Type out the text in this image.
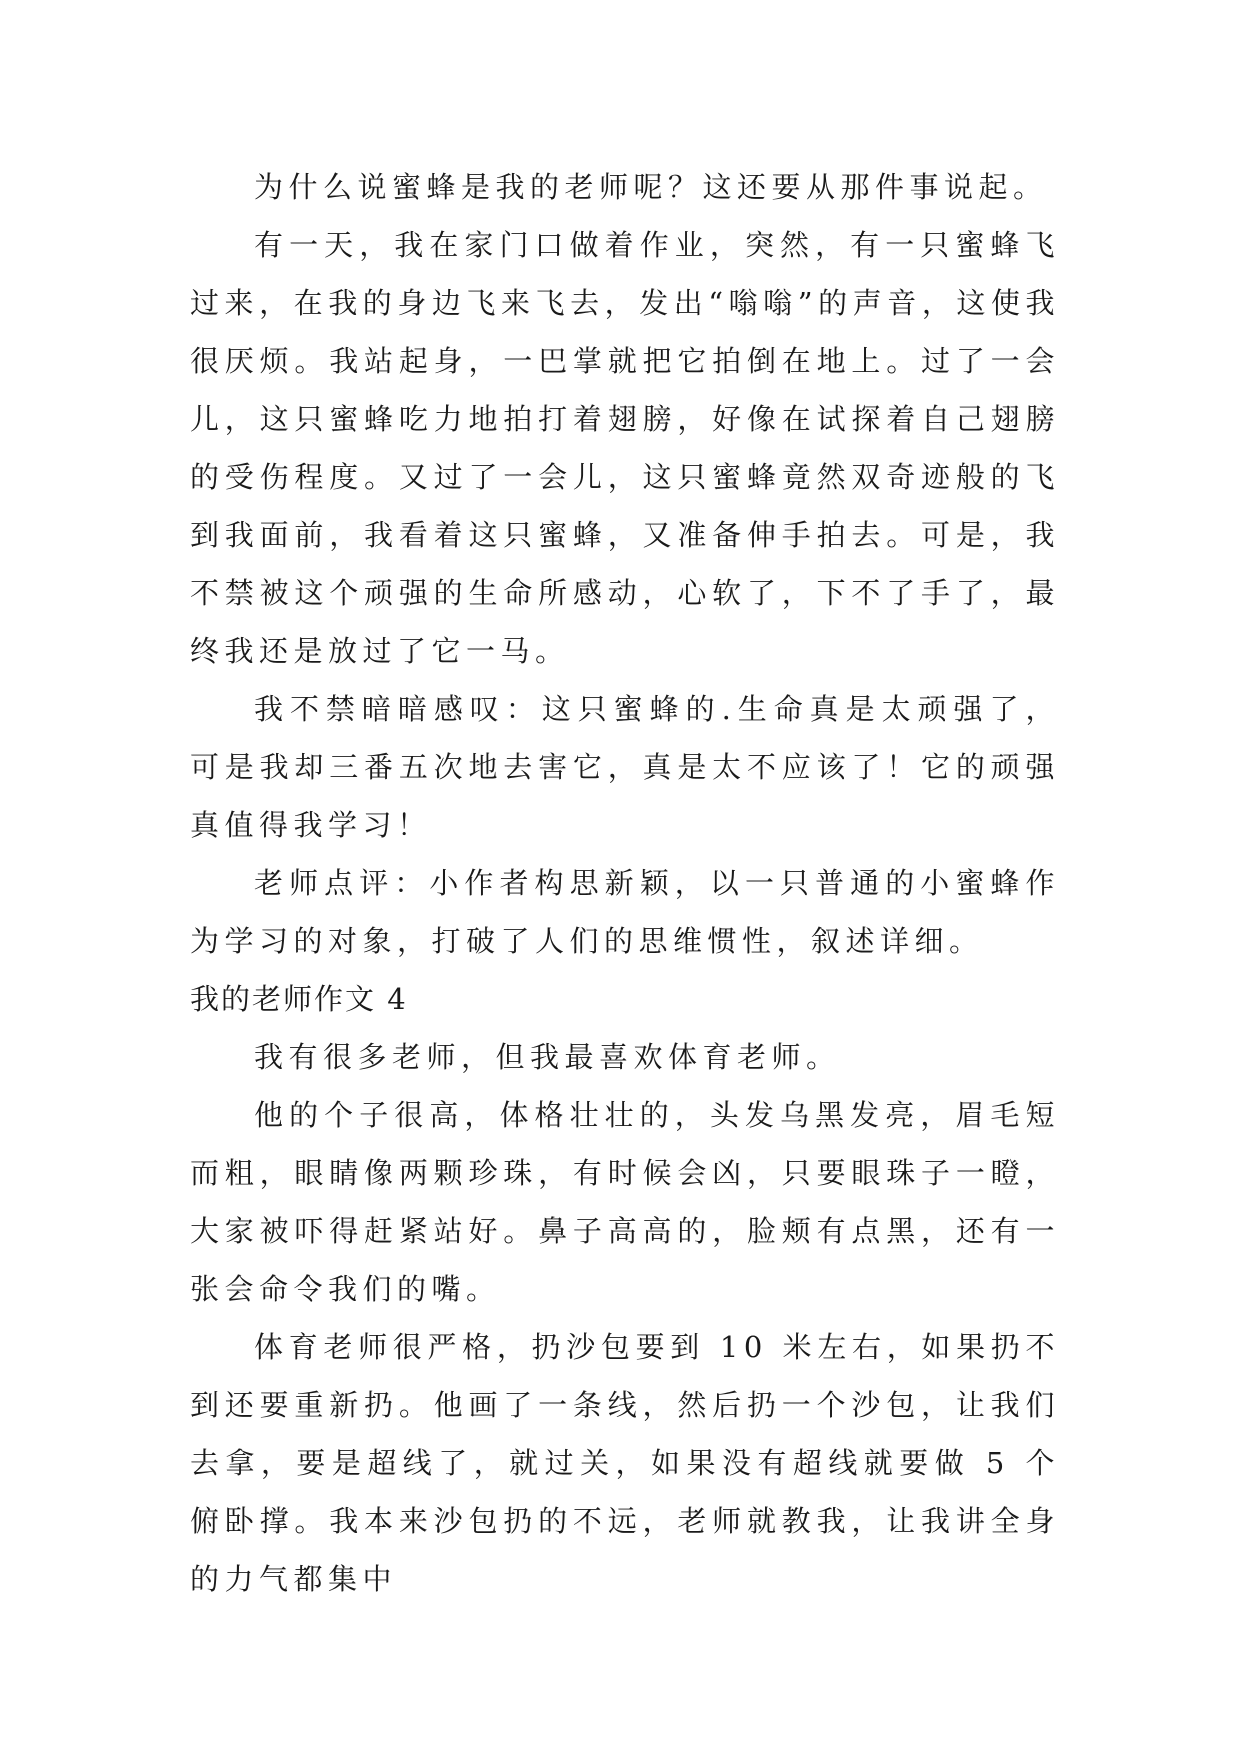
为什么说蜜蜂是我的老师呢？这还要从那件事说起。

有一天，我在家门口做着作业，突然，有一只蜜蜂飞过来，在我的身边飞来飞去，发出“嗡嗡”的声音，这使我很厌烦。我站起身，一巴掌就把它拍倒在地上。过了一会儿，这只蜜蜂吃力地拍打着翅膀，好像在试探着自己翅膀的受伤程度。又过了一会儿，这只蜜蜂竟然双奇迹般的飞到我面前，我看着这只蜜蜂，又准备伸手拍去。可是，我不禁被这个顽强的生命所感动，心软了，下不了手了，最终我还是放过了它一马。

我不禁暗暗感叹：这只蜜蜂的.生命真是太顽强了，可是我却三番五次地去害它，真是太不应该了！它的顽强真值得我学习！

老师点评：小作者构思新颖，以一只普通的小蜜蜂作为学习的对象，打破了人们的思维惯性，叙述详细。

我的老师作文 4

我有很多老师，但我最喜欢体育老师。

他的个子很高，体格壮壮的，头发乌黑发亮，眉毛短而粗，眼睛像两颗珍珠，有时候会凶，只要眼珠子一瞪，大家被吓得赶紧站好。鼻子高高的，脸颊有点黑，还有一张会命令我们的嘴。

体育老师很严格，扔沙包要到 10 米左右，如果扔不到还要重新扔。他画了一条线，然后扔一个沙包，让我们去拿，要是超线了，就过关，如果没有超线就要做 5 个俯卧撑。我本来沙包扔的不远，老师就教我，让我讲全身的力气都集中
